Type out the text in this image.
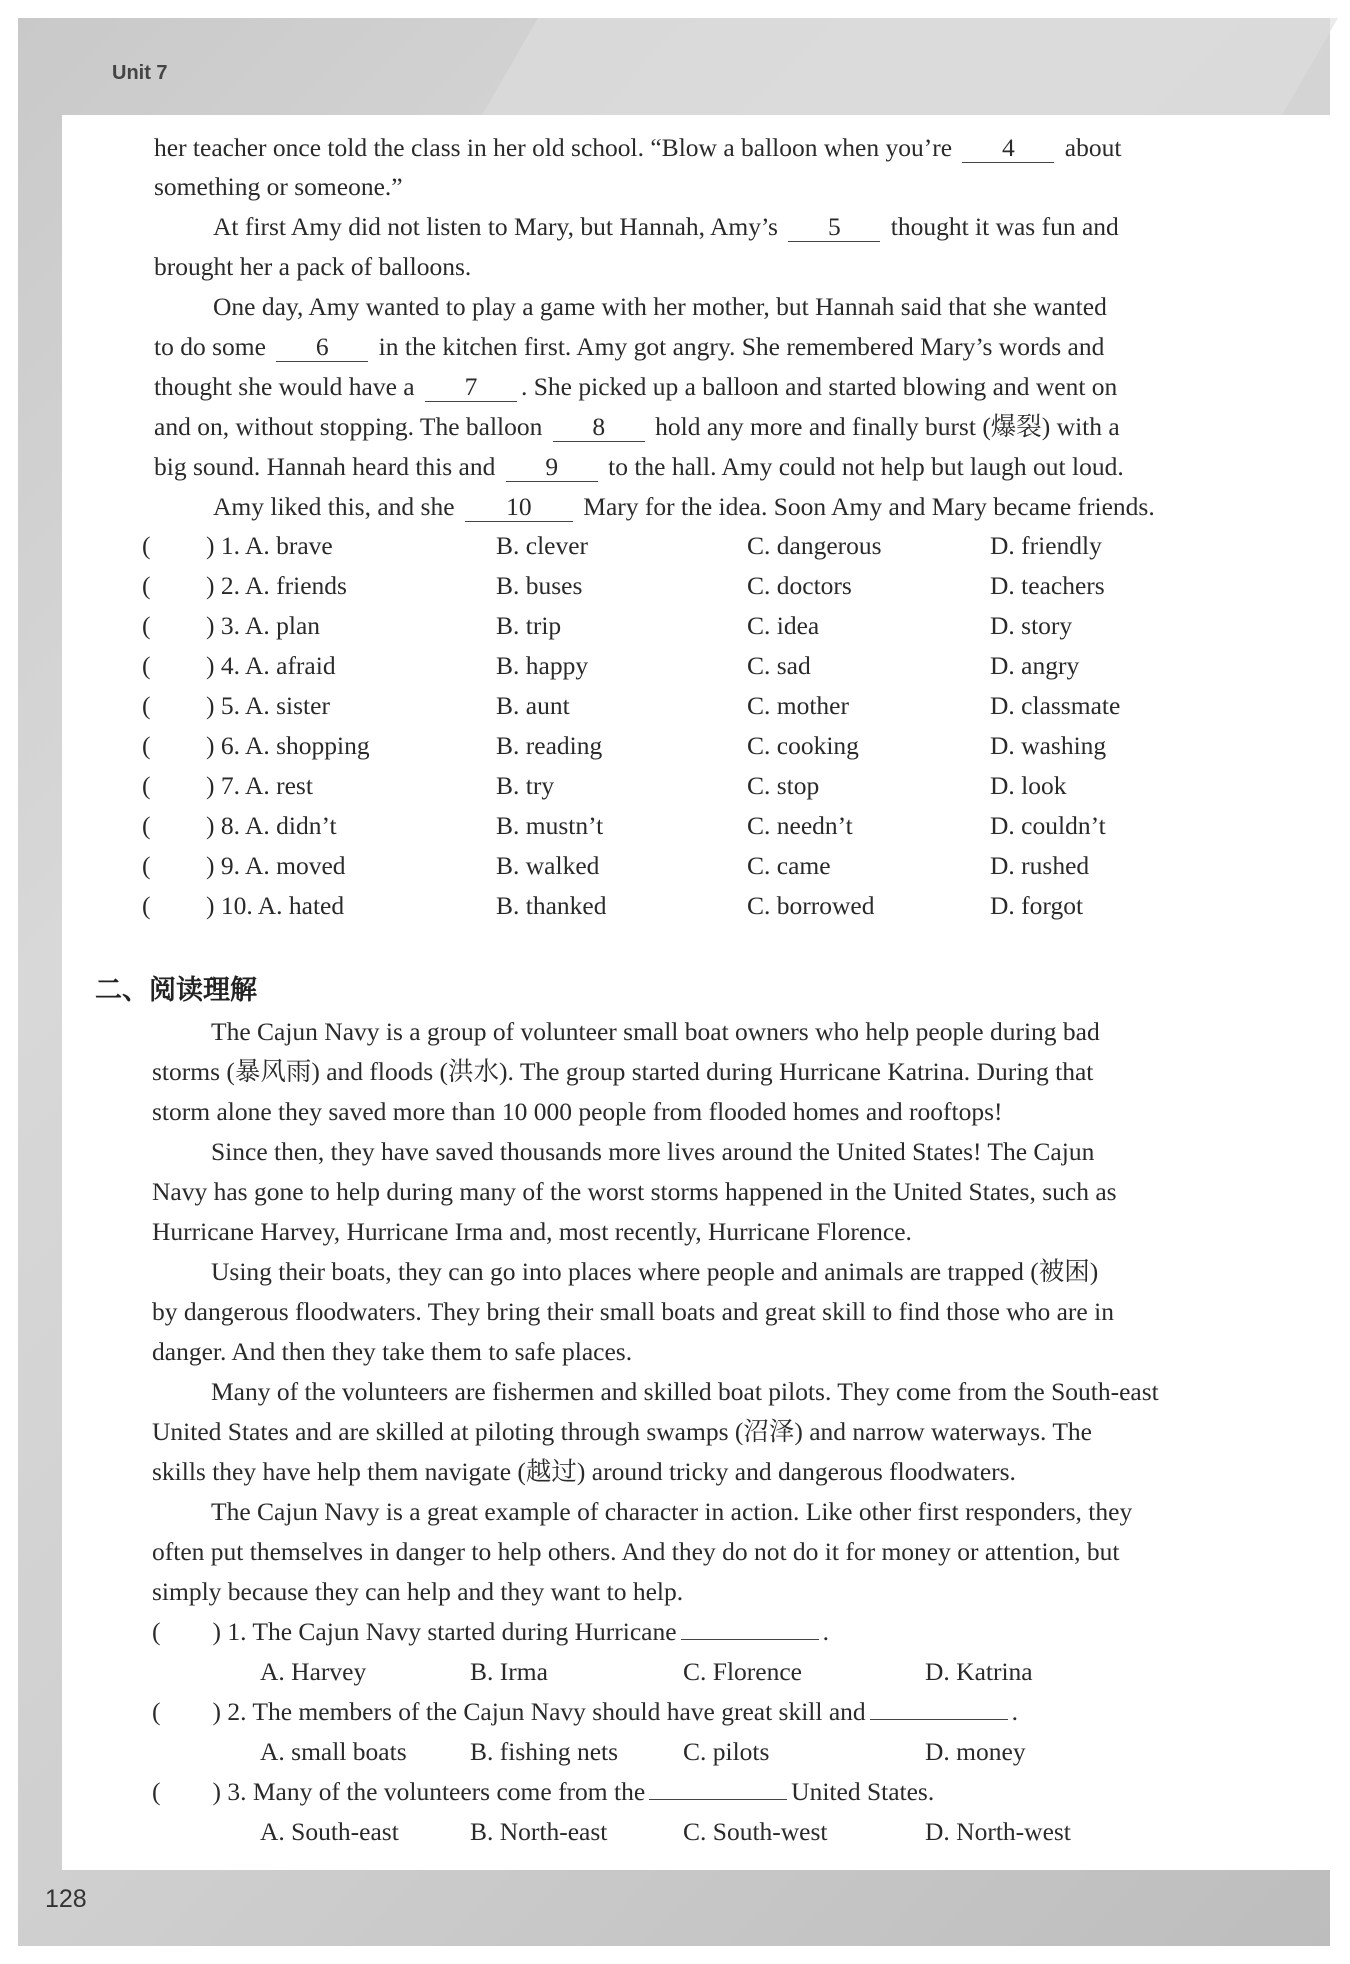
Unit 7
her teacher once told the class in her old school. “Blow a balloon when you’re 4 about
something or someone.”
At first Amy did not listen to Mary, but Hannah, Amy’s 5 thought it was fun and
brought her a pack of balloons.
One day, Amy wanted to play a game with her mother, but Hannah said that she wanted
to do some 6 in the kitchen first. Amy got angry. She remembered Mary’s words and
thought she would have a 7 . She picked up a balloon and started blowing and went on
and on, without stopping. The balloon 8 hold any more and finally burst (爆裂) with a
big sound. Hannah heard this and 9 to the hall. Amy could not help but laugh out loud.
Amy liked this, and she 10 Mary for the idea. Soon Amy and Mary became friends.
( ) 1. A. brave	B. clever	C. dangerous	D. friendly
( ) 2. A. friends	B. buses	C. doctors	D. teachers
( ) 3. A. plan	B. trip	C. idea	D. story
( ) 4. A. afraid	B. happy	C. sad	D. angry
( ) 5. A. sister	B. aunt	C. mother	D. classmate
( ) 6. A. shopping	B. reading	C. cooking	D. washing
( ) 7. A. rest	B. try	C. stop	D. look
( ) 8. A. didn’t	B. mustn’t	C. needn’t	D. couldn’t
( ) 9. A. moved	B. walked	C. came	D. rushed
( ) 10. A. hated	B. thanked	C. borrowed	D. forgot
二、阅读理解
The Cajun Navy is a group of volunteer small boat owners who help people during bad
storms (暴风雨) and floods (洪水). The group started during Hurricane Katrina. During that
storm alone they saved more than 10 000 people from flooded homes and rooftops!
Since then, they have saved thousands more lives around the United States! The Cajun
Navy has gone to help during many of the worst storms happened in the United States, such as
Hurricane Harvey, Hurricane Irma and, most recently, Hurricane Florence.
Using their boats, they can go into places where people and animals are trapped (被困)
by dangerous floodwaters. They bring their small boats and great skill to find those who are in
danger. And then they take them to safe places.
Many of the volunteers are fishermen and skilled boat pilots. They come from the South-east
United States and are skilled at piloting through swamps (沼泽) and narrow waterways. The
skills they have help them navigate (越过) around tricky and dangerous floodwaters.
The Cajun Navy is a great example of character in action. Like other first responders, they
often put themselves in danger to help others. And they do not do it for money or attention, but
simply because they can help and they want to help.
( ) 1. The Cajun Navy started during Hurricane	.
A. Harvey	B. Irma	C. Florence	D. Katrina
( ) 2. The members of the Cajun Navy should have great skill and	.
A. small boats B. fishing nets	C. pilots	D. money
( ) 3. Many of the volunteers come from the	United States.
A. South-east	B. North-east	C. South-west	D. North-west
128
